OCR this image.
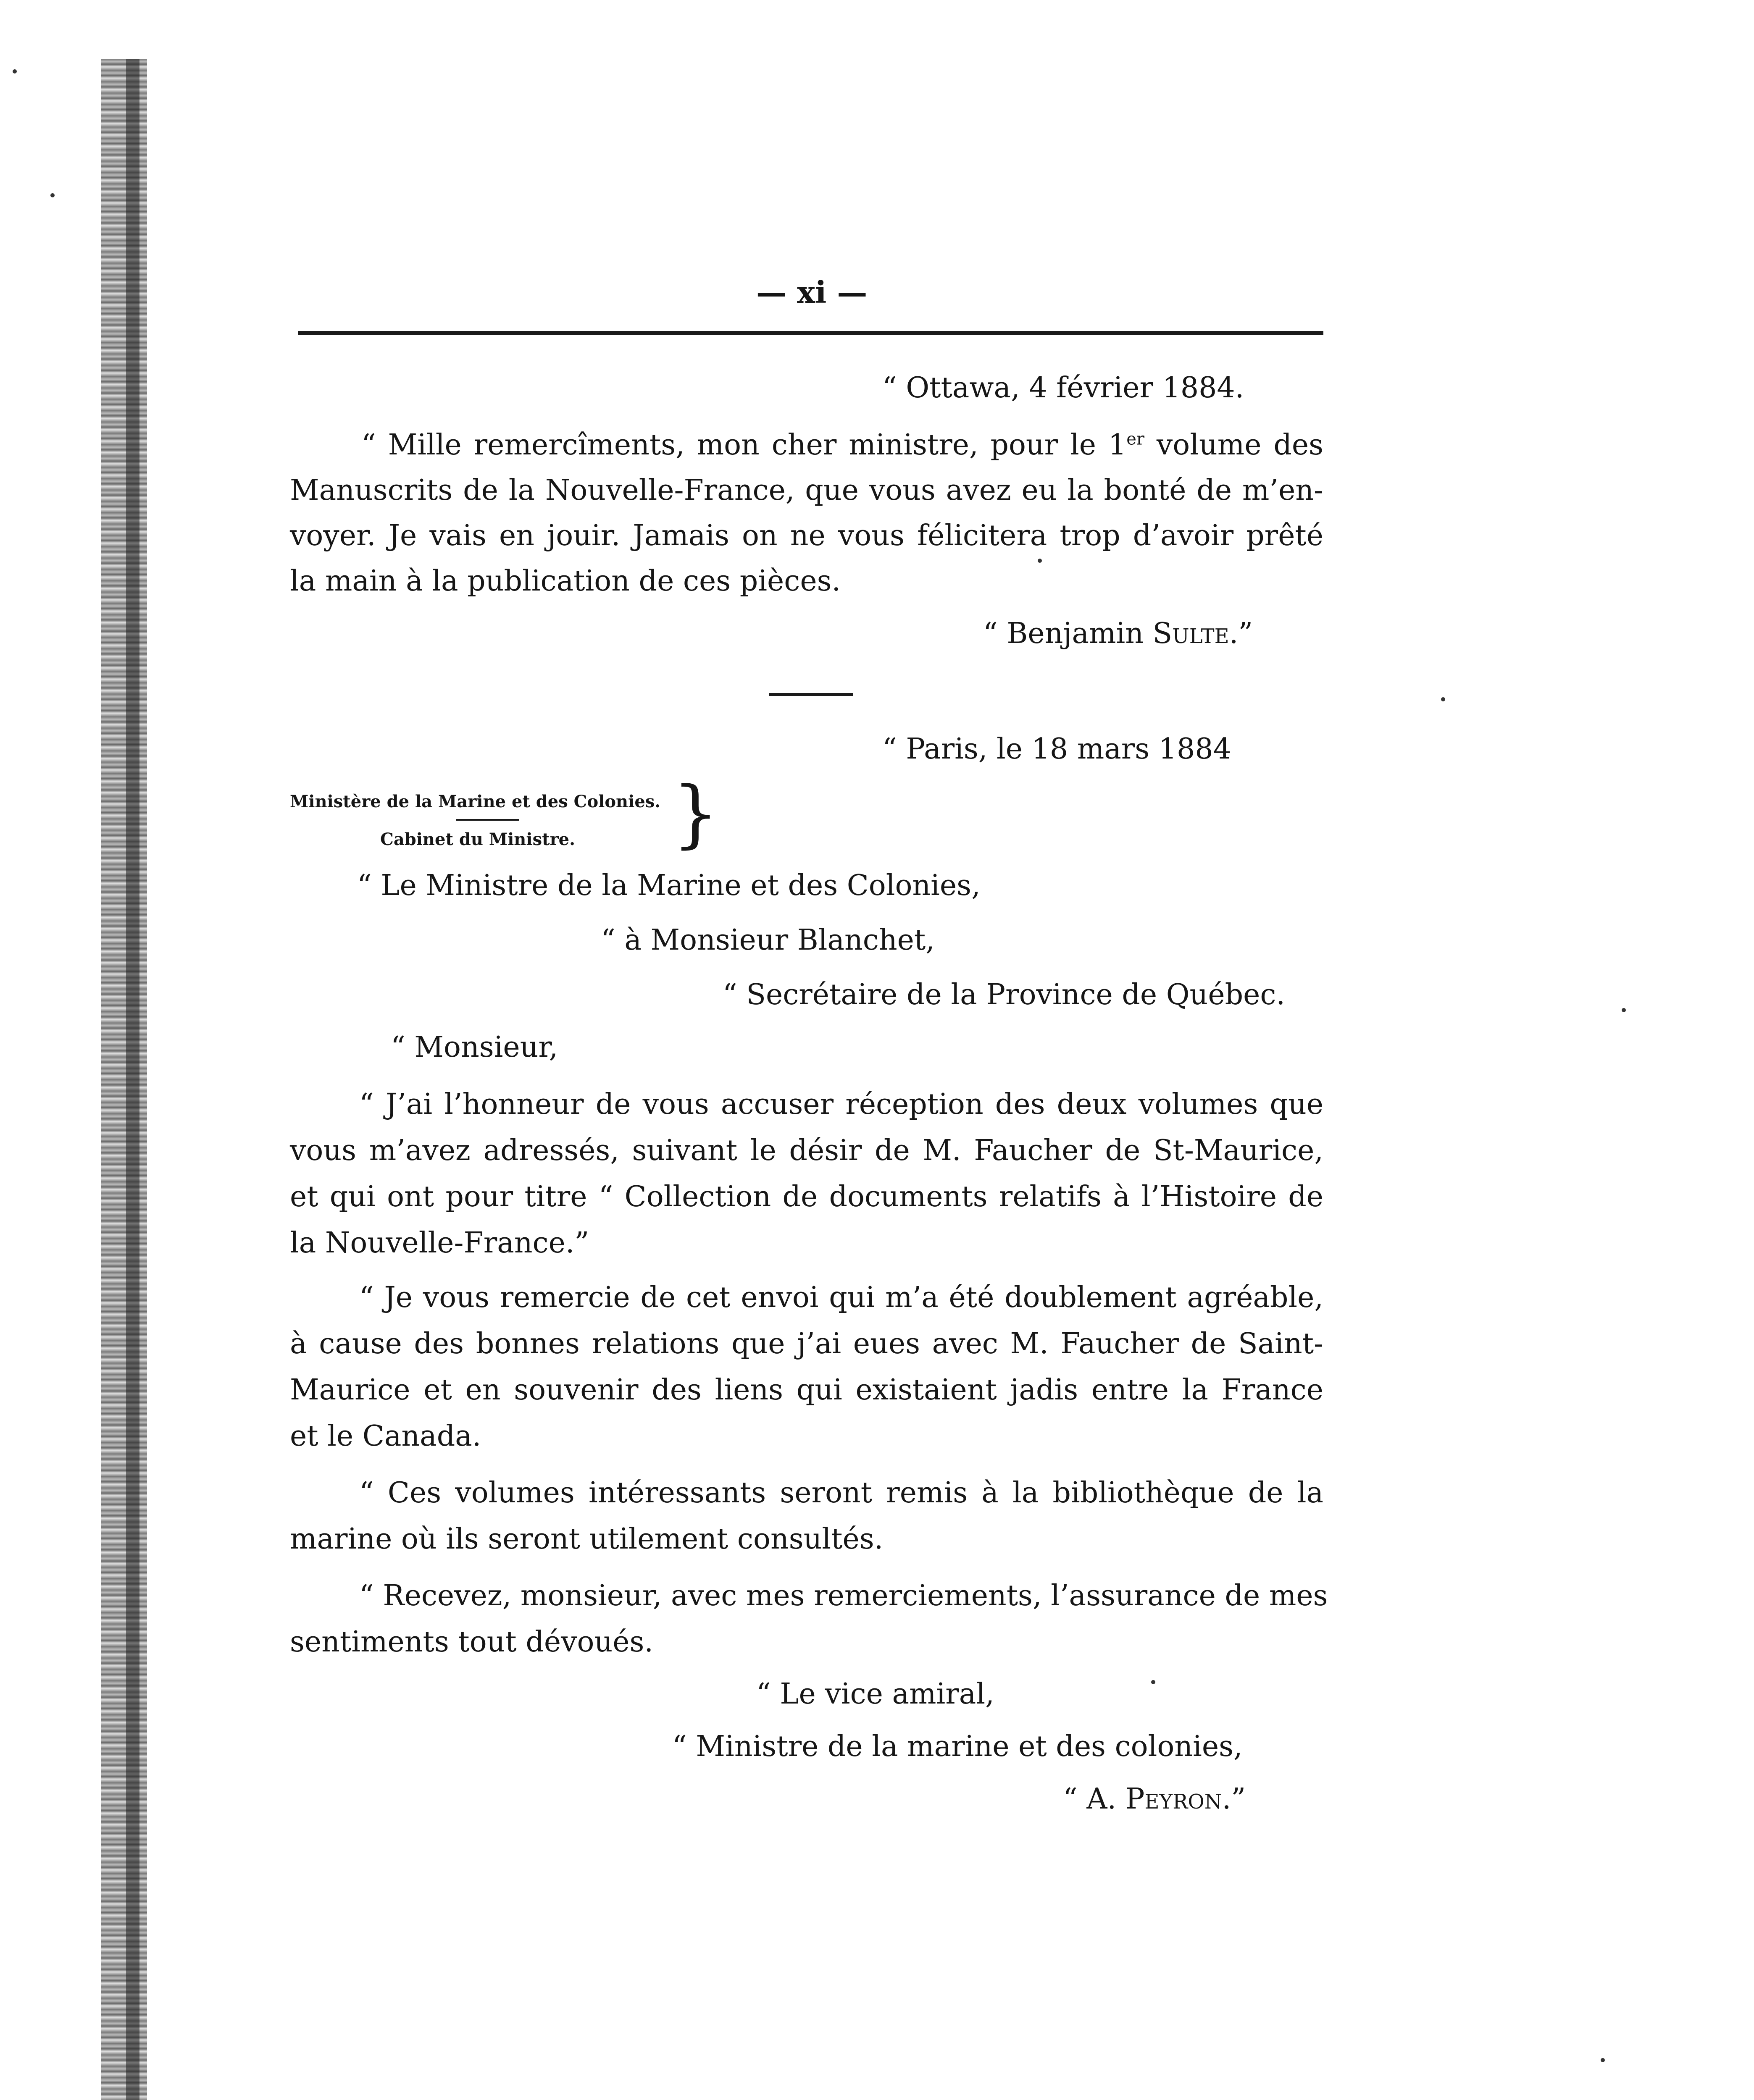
— xi —
“ Ottawa, 4 février 1884.
“ Mille remercîments, mon cher ministre, pour le 1er volume des
Manuscrits de la Nouvelle-France, que vous avez eu la bonté de m’en-
voyer. Je vais en jouir. Jamais on ne vous félicitera trop d’avoir prêté
la main à la publication de ces pièces.
“ Benjamin Sulte.”
“ Paris, le 18 mars 1884
Ministère de la Marine et des Colonies.
Cabinet du Ministre. }
“ Le Ministre de la Marine et des Colonies,
“ à Monsieur Blanchet,
“ Secrétaire de la Province de Québec.
“ Monsieur,
“ J’ai l’honneur de vous accuser réception des deux volumes que
vous m’avez adressés, suivant le désir de M. Faucher de St-Maurice,
et qui ont pour titre “ Collection de documents relatifs à l’Histoire de
la Nouvelle-France.”
“ Je vous remercie de cet envoi qui m’a été doublement agréable,
à cause des bonnes relations que j’ai eues avec M. Faucher de Saint-
Maurice et en souvenir des liens qui existaient jadis entre la France
et le Canada.
“ Ces volumes intéressants seront remis à la bibliothèque de la
marine où ils seront utilement consultés.
“ Recevez, monsieur, avec mes remerciements, l’assurance de mes
sentiments tout dévoués.
“ Le vice amiral,
“ Ministre de la marine et des colonies,
“ A. Peyron.”
